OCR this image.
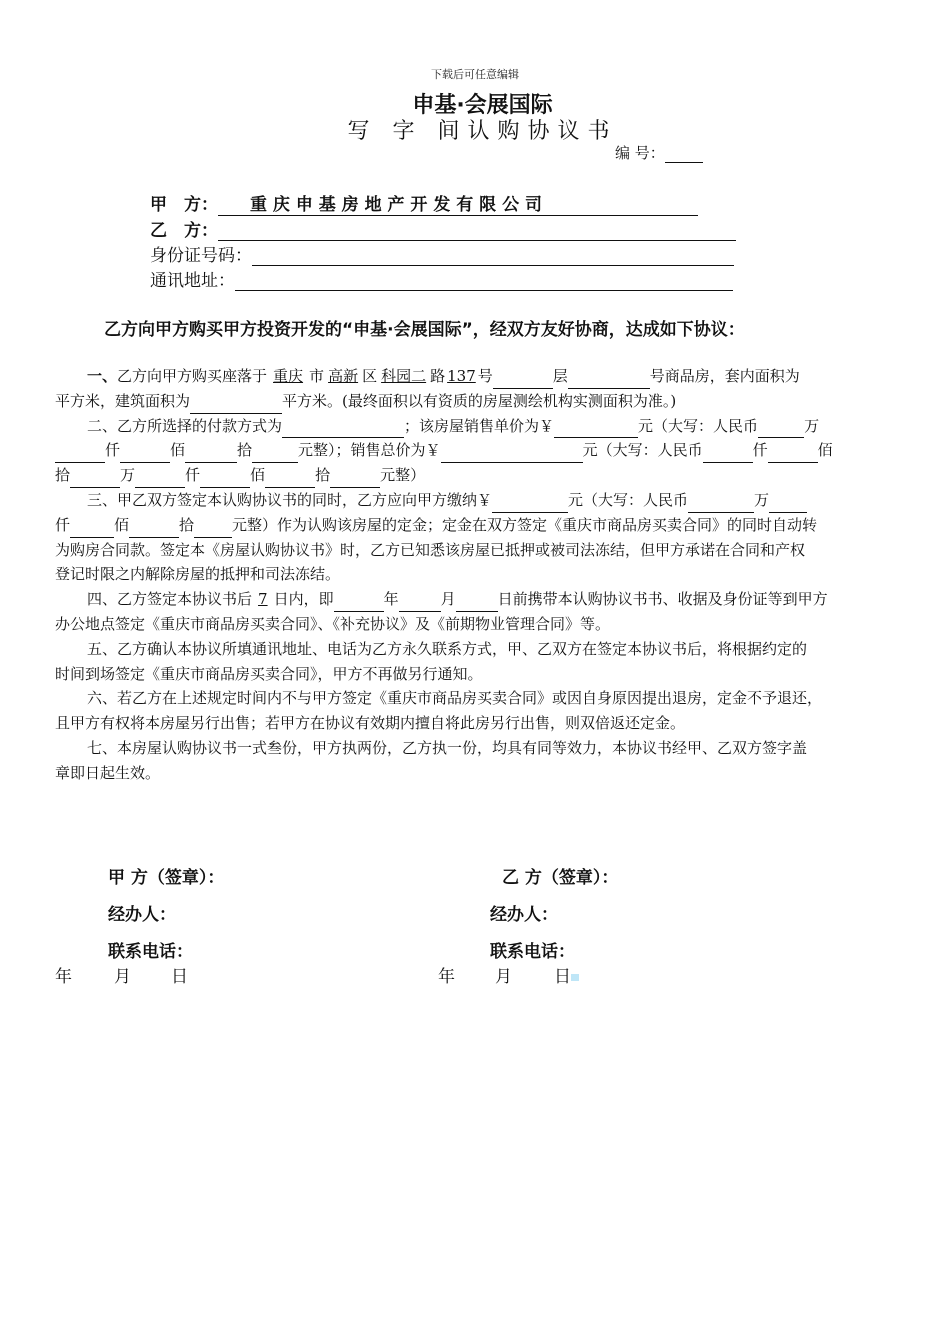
下载后可任意编辑
申基·会展国际
写 字 间认购协议书
编 号：
甲　方： 重 庆 申 基 房 地 产 开 发 有 限 公 司
乙　方：
身份证号码：
通讯地址：
乙方向甲方购买甲方投资开发的“申基·会展国际”，经双方友好协商，达成如下协议：
一、乙方向甲方购买座落于 重庆 市 高新 区 科园二 路 137 号	层	号商品房，套内面积为
平方米，建筑面积为	平方米。(最终面积以有资质的房屋测绘机构实测面积为准。)
二、乙方所选择的付款方式为	；该房屋销售单价为￥	元（大写：人民币	万
仟	佰	拾	元整）；销售总价为￥	元（大写：人民币	仟	佰
拾	万	仟	佰	拾	元整）
三、甲乙双方签定本认购协议书的同时，乙方应向甲方缴纳￥	元（大写：人民币	万
仟	佰	拾	元整）作为认购该房屋的定金；定金在双方签定《重庆市商品房买卖合同》的同时自动转
为购房合同款。签定本《房屋认购协议书》时，乙方已知悉该房屋已抵押或被司法冻结，但甲方承诺在合同和产权
登记时限之内解除房屋的抵押和司法冻结。
四、乙方签定本协议书后 7 日内，即	年	月	日前携带本认购协议书书、收据及身份证等到甲方
办公地点签定《重庆市商品房买卖合同》、《补充协议》及《前期物业管理合同》等。
五、乙方确认本协议所填通讯地址、电话为乙方永久联系方式，甲、乙双方在签定本协议书后，将根据约定的
时间到场签定《重庆市商品房买卖合同》，甲方不再做另行通知。
六、若乙方在上述规定时间内不与甲方签定《重庆市商品房买卖合同》或因自身原因提出退房，定金不予退还，
且甲方有权将本房屋另行出售；若甲方在协议有效期内擅自将此房另行出售，则双倍返还定金。
七、本房屋认购协议书一式叁份，甲方执两份，乙方执一份，均具有同等效力，本协议书经甲、乙双方签字盖
章即日起生效。
甲 方（签章）：	乙 方（签章）：
经办人：	经办人：
联系电话：	联系电话：
年 月 日	年 月 日
